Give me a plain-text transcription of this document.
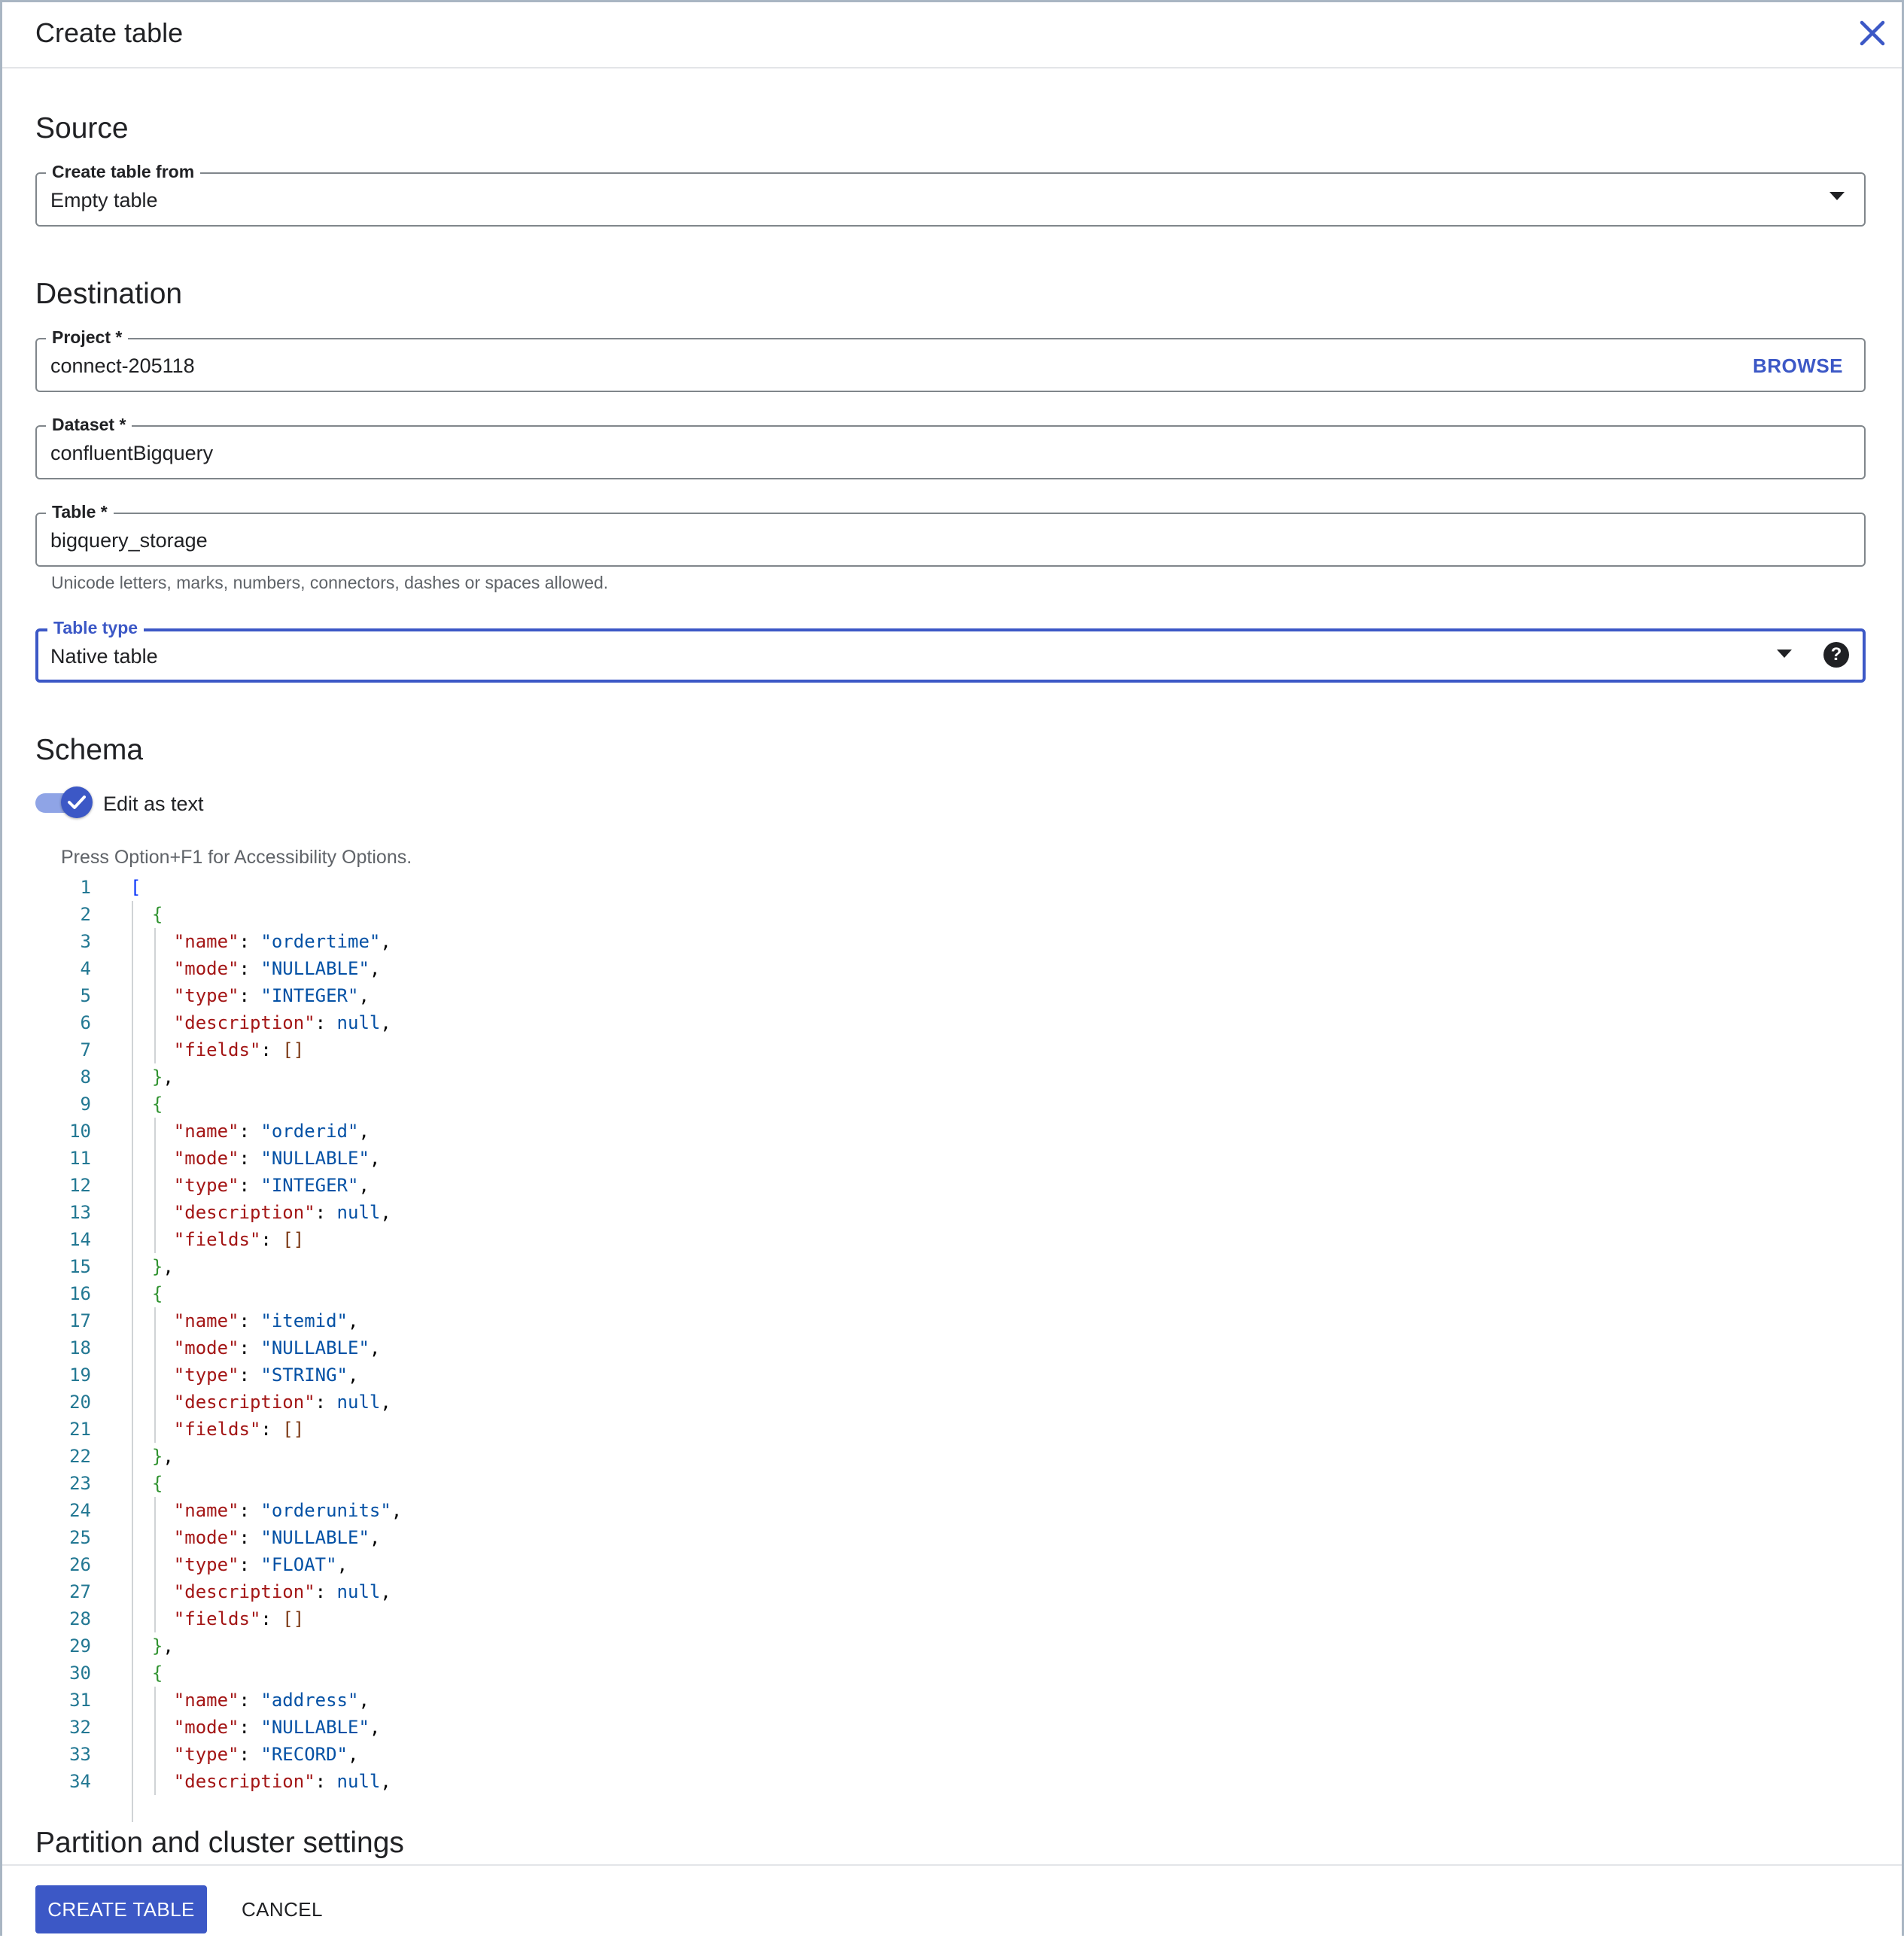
Create table
Source
Create table from
Empty table
Destination
Project *
connect-205118	BROWSE
Dataset *
confluentBigquery
Table *
bigquery_storage
Unicode letters, marks, numbers, connectors, dashes or spaces allowed.
Table type
Native table	?
Schema
Edit as text
Press Option+F1 for Accessibility Options.
1 [
2	{
3	"name": "ordertime",
4	"mode": "NULLABLE",
5	"type": "INTEGER",
6	"description": null,
7	"fields": []
8	},
9	{
10	"name": "orderid",
11	"mode": "NULLABLE",
12	"type": "INTEGER",
13	"description": null,
14	"fields": []
15	},
16	{
17	"name": "itemid",
18	"mode": "NULLABLE",
19	"type": "STRING",
20	"description": null,
21	"fields": []
22	},
23	{
24	"name": "orderunits",
25	"mode": "NULLABLE",
26	"type": "FLOAT",
27	"description": null,
28	"fields": []
29	},
30	{
31	"name": "address",
32	"mode": "NULLABLE",
33	"type": "RECORD",
34	"description": null,
Partition and cluster settings
CREATE TABLE	CANCEL
